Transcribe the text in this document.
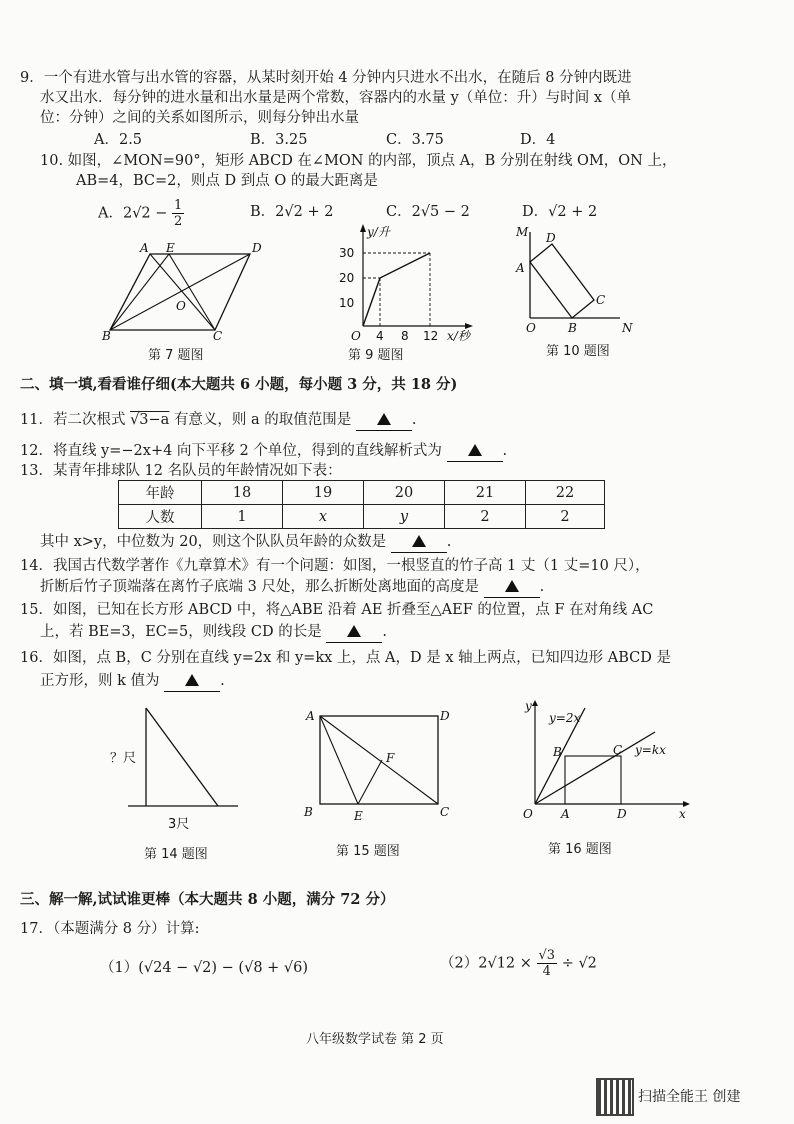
9．一个有进水管与出水管的容器，从某时刻开始 4 分钟内只进水不出水，在随后 8 分钟内既进
水又出水．每分钟的进水量和出水量是两个常数，容器内的水量 y（单位：升）与时间 x（单
位：分钟）之间的关系如图所示，则每分钟出水量
A．2.5	B．3.25	C．3.75	D．4
10. 如图，∠MON=90°，矩形 ABCD 在∠MON 的内部，顶点 A，B 分别在射线 OM，ON 上，
AB=4，BC=2，则点 D 到点 O 的最大距离是
A．$2√2 - \frac{1}{2}$	B．2√2 + 2	C．2√5 − 2	D．√2 + 2
A E	D
O
B	C
第 7 题图
y/升
30
20
10
O 4 8 12 x/秒
第 9 题图
M D
A
C
O	B	N
第 10 题图
二、填一填,看看谁仔细(本大题共 6 小题，每小题 3 分，共 18 分)
11．若二次根式 √3−a 有意义，则 a 的取值范围是	.
12．将直线 y=−2x+4 向下平移 2 个单位，得到的直线解析式为	.
13．某青年排球队 12 名队员的年龄情况如下表：
年龄	18	19	20	21	22
人数	1	x	y	2	2
其中 x>y，中位数为 20，则这个队队员年龄的众数是	.
14．我国古代数学著作《九章算术》有一个问题：如图，一根竖直的竹子高 1 丈（1 丈=10 尺），
折断后竹子顶端落在离竹子底端 3 尺处，那么折断处离地面的高度是	.
15．如图，已知在长方形 ABCD 中，将△ABE 沿着 AE 折叠至△AEF 的位置，点 F 在对角线 AC
上，若 BE=3，EC=5，则线段 CD 的长是	.
16．如图，点 B，C 分别在直线 y=2x 和 y=kx 上，点 A，D 是 x 轴上两点，已知四边形 ABCD 是
正方形，则 k 值为	.
？尺
3尺
第 14 题图
A	D
F
B	E	C
第 15 题图
y
y=2x
B	C y=kx
O A	D	x
第 16 题图
三、解一解,试试谁更棒（本大题共 8 小题，满分 72 分）
17．（本题满分 8 分）计算:
（1）(√24 − √2) − (√8 + √6)	$(2)2√12 \times \frac{√3}{4} \div √2$
八年级数学试卷 第 2 页
扫描全能王 创建
